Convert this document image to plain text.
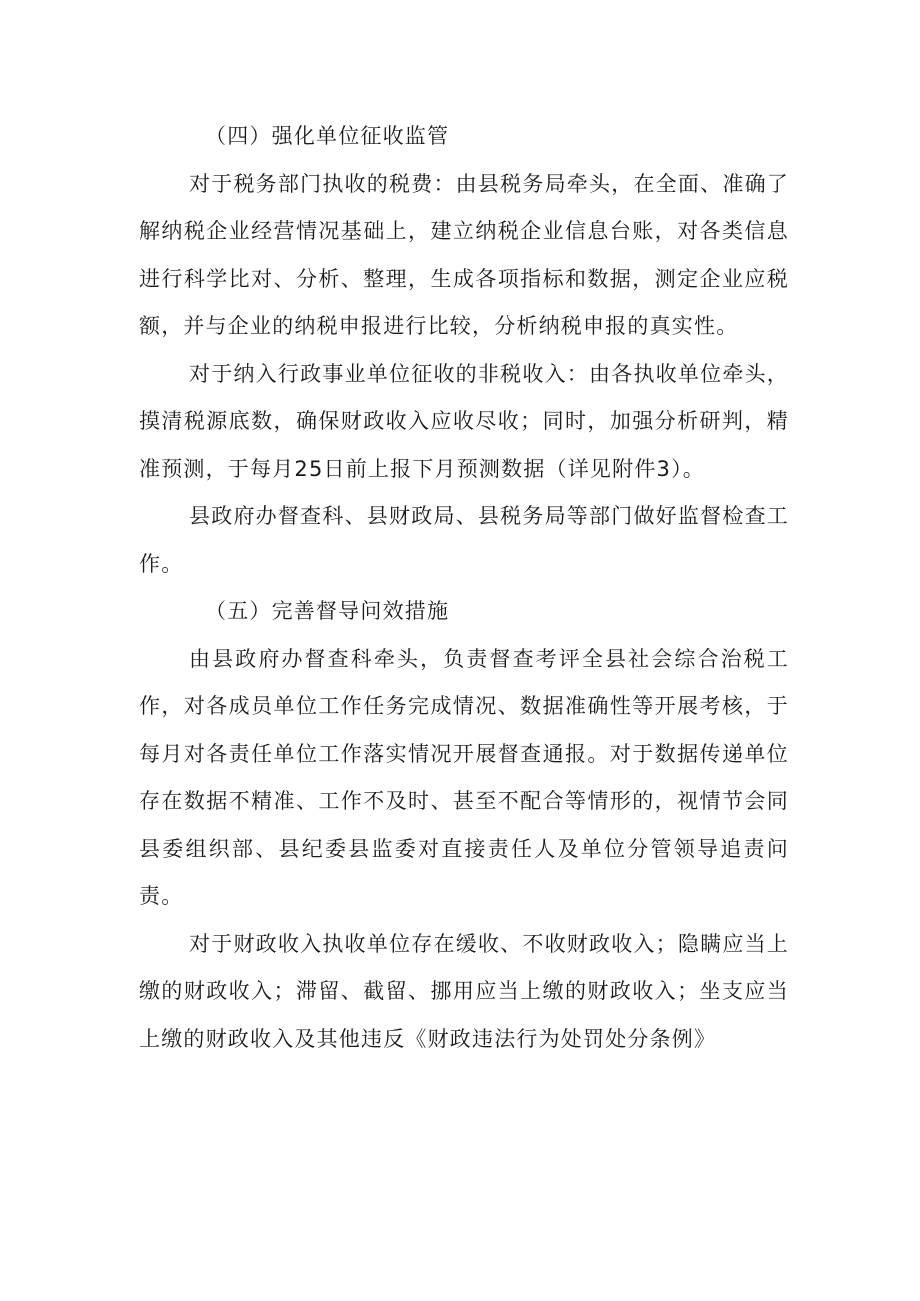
（四）强化单位征收监管

对于税务部门执收的税费：由县税务局牵头，在全面、准确了解纳税企业经营情况基础上，建立纳税企业信息台账，对各类信息进行科学比对、分析、整理，生成各项指标和数据，测定企业应税额，并与企业的纳税申报进行比较，分析纳税申报的真实性。

对于纳入行政事业单位征收的非税收入：由各执收单位牵头，摸清税源底数，确保财政收入应收尽收；同时，加强分析研判，精准预测，于每月25日前上报下月预测数据（详见附件3）。

县政府办督查科、县财政局、县税务局等部门做好监督检查工作。

（五）完善督导问效措施

由县政府办督查科牵头，负责督查考评全县社会综合治税工作，对各成员单位工作任务完成情况、数据准确性等开展考核，于每月对各责任单位工作落实情况开展督查通报。对于数据传递单位存在数据不精准、工作不及时、甚至不配合等情形的，视情节会同县委组织部、县纪委县监委对直接责任人及单位分管领导追责问责。

对于财政收入执收单位存在缓收、不收财政收入；隐瞒应当上缴的财政收入；滞留、截留、挪用应当上缴的财政收入；坐支应当上缴的财政收入及其他违反《财政违法行为处罚处分条例》
